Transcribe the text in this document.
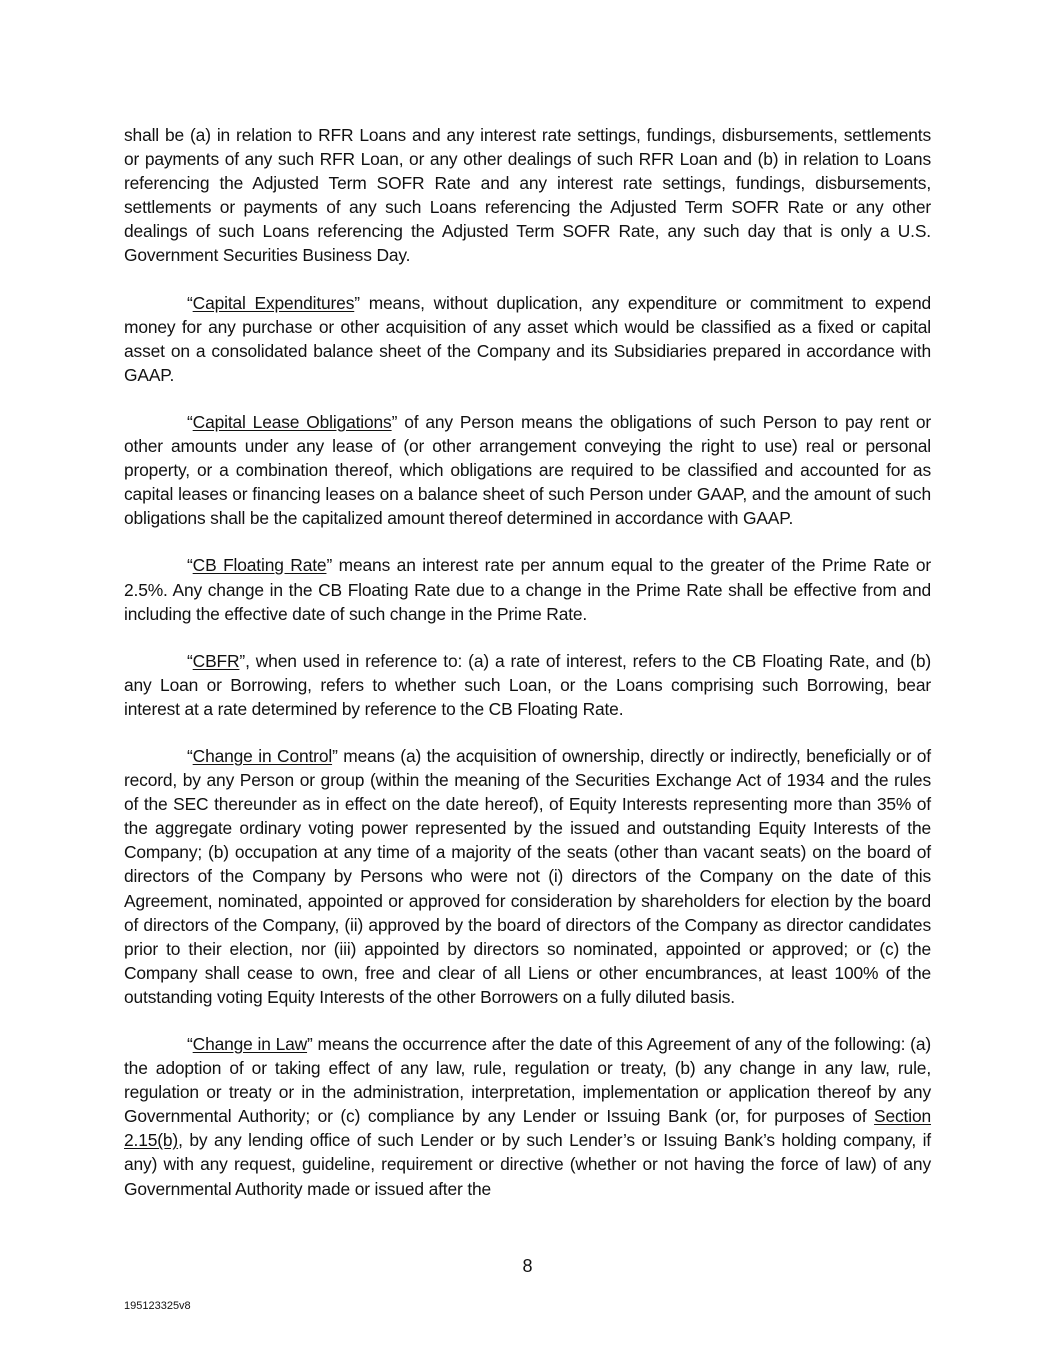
shall be (a) in relation to RFR Loans and any interest rate settings, fundings, disbursements, settlements or payments of any such RFR Loan, or any other dealings of such RFR Loan and (b) in relation to Loans referencing the Adjusted Term SOFR Rate and any interest rate settings, fundings, disbursements, settlements or payments of any such Loans referencing the Adjusted Term SOFR Rate or any other dealings of such Loans referencing the Adjusted Term SOFR Rate, any such day that is only a U.S. Government Securities Business Day.

“Capital Expenditures” means, without duplication, any expenditure or commitment to expend money for any purchase or other acquisition of any asset which would be classified as a fixed or capital asset on a consolidated balance sheet of the Company and its Subsidiaries prepared in accordance with GAAP.

“Capital Lease Obligations” of any Person means the obligations of such Person to pay rent or other amounts under any lease of (or other arrangement conveying the right to use) real or personal property, or a combination thereof, which obligations are required to be classified and accounted for as capital leases or financing leases on a balance sheet of such Person under GAAP, and the amount of such obligations shall be the capitalized amount thereof determined in accordance with GAAP.

“CB Floating Rate” means an interest rate per annum equal to the greater of the Prime Rate or 2.5%. Any change in the CB Floating Rate due to a change in the Prime Rate shall be effective from and including the effective date of such change in the Prime Rate.

“CBFR”, when used in reference to: (a) a rate of interest, refers to the CB Floating Rate, and (b) any Loan or Borrowing, refers to whether such Loan, or the Loans comprising such Borrowing, bear interest at a rate determined by reference to the CB Floating Rate.

“Change in Control” means (a) the acquisition of ownership, directly or indirectly, beneficially or of record, by any Person or group (within the meaning of the Securities Exchange Act of 1934 and the rules of the SEC thereunder as in effect on the date hereof), of Equity Interests representing more than 35% of the aggregate ordinary voting power represented by the issued and outstanding Equity Interests of the Company; (b) occupation at any time of a majority of the seats (other than vacant seats) on the board of directors of the Company by Persons who were not (i) directors of the Company on the date of this Agreement, nominated, appointed or approved for consideration by shareholders for election by the board of directors of the Company, (ii) approved by the board of directors of the Company as director candidates prior to their election, nor (iii) appointed by directors so nominated, appointed or approved; or (c) the Company shall cease to own, free and clear of all Liens or other encumbrances, at least 100% of the outstanding voting Equity Interests of the other Borrowers on a fully diluted basis.

“Change in Law” means the occurrence after the date of this Agreement of any of the following: (a) the adoption of or taking effect of any law, rule, regulation or treaty, (b) any change in any law, rule, regulation or treaty or in the administration, interpretation, implementation or application thereof by any Governmental Authority; or (c) compliance by any Lender or Issuing Bank (or, for purposes of Section 2.15(b), by any lending office of such Lender or by such Lender’s or Issuing Bank’s holding company, if any) with any request, guideline, requirement or directive (whether or not having the force of law) of any Governmental Authority made or issued after the

8
195123325v8
